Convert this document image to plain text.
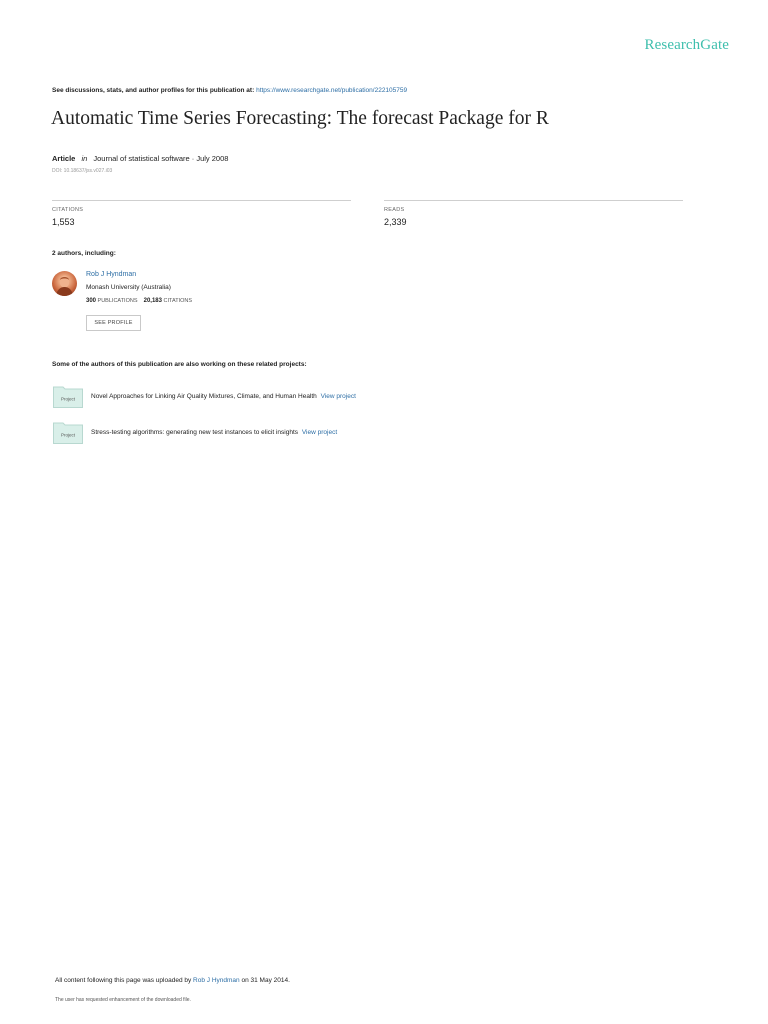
ResearchGate
See discussions, stats, and author profiles for this publication at: https://www.researchgate.net/publication/222105759
Automatic Time Series Forecasting: The forecast Package for R
Article in Journal of statistical software · July 2008
DOI: 10.18637/jss.v027.i03
CITATIONS
1,553
READS
2,339
2 authors, including:
Rob J Hyndman
Monash University (Australia)
300 PUBLICATIONS 20,183 CITATIONS
SEE PROFILE
Some of the authors of this publication are also working on these related projects:
Project Novel Approaches for Linking Air Quality Mixtures, Climate, and Human Health View project
Project Stress-testing algorithms: generating new test instances to elicit insights View project
All content following this page was uploaded by Rob J Hyndman on 31 May 2014.
The user has requested enhancement of the downloaded file.
